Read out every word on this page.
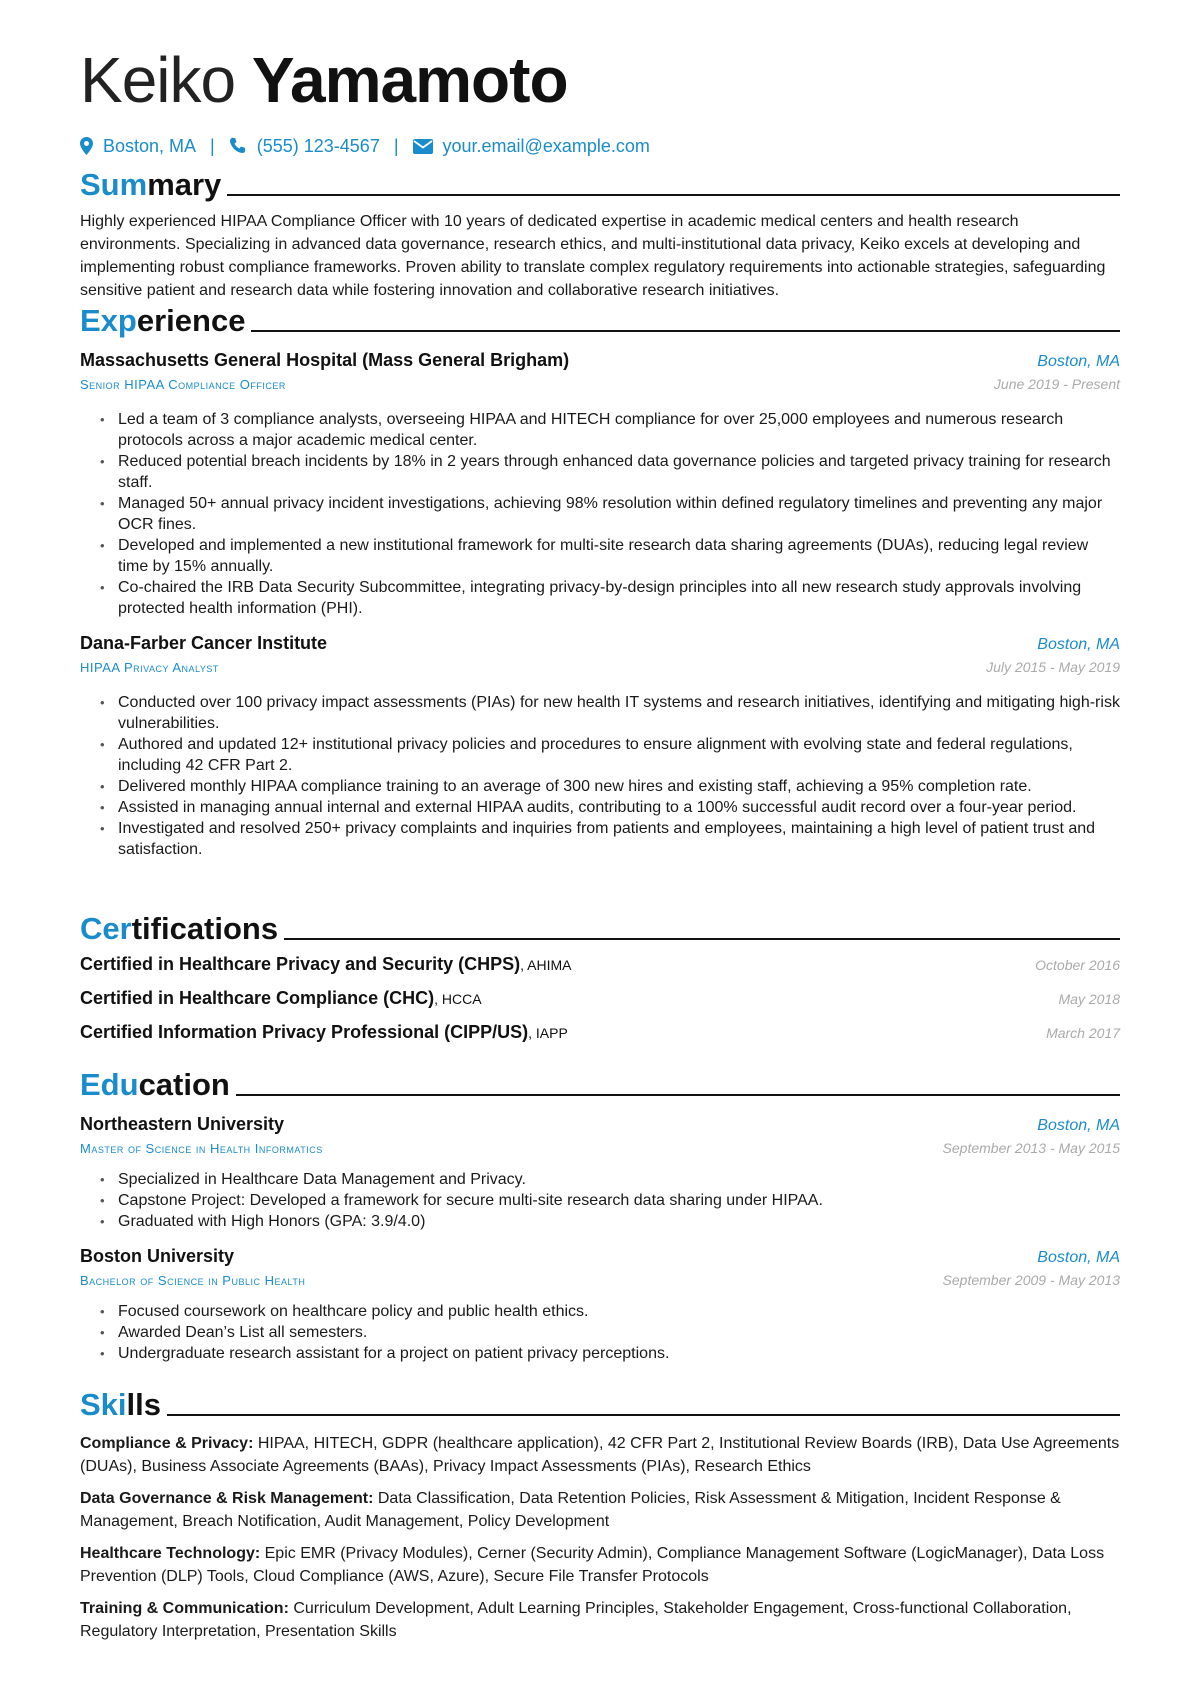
Keiko Yamamoto
Boston, MA | (555) 123-4567 | your.email@example.com
Summary
Highly experienced HIPAA Compliance Officer with 10 years of dedicated expertise in academic medical centers and health research environments. Specializing in advanced data governance, research ethics, and multi-institutional data privacy, Keiko excels at developing and implementing robust compliance frameworks. Proven ability to translate complex regulatory requirements into actionable strategies, safeguarding sensitive patient and research data while fostering innovation and collaborative research initiatives.
Experience
Massachusetts General Hospital (Mass General Brigham)	Boston, MA
Senior HIPAA Compliance Officer	June 2019 - Present
• Led a team of 3 compliance analysts, overseeing HIPAA and HITECH compliance for over 25,000 employees and numerous research protocols across a major academic medical center.
• Reduced potential breach incidents by 18% in 2 years through enhanced data governance policies and targeted privacy training for research staff.
• Managed 50+ annual privacy incident investigations, achieving 98% resolution within defined regulatory timelines and preventing any major OCR fines.
• Developed and implemented a new institutional framework for multi-site research data sharing agreements (DUAs), reducing legal review time by 15% annually.
• Co-chaired the IRB Data Security Subcommittee, integrating privacy-by-design principles into all new research study approvals involving protected health information (PHI).
Dana-Farber Cancer Institute	Boston, MA
HIPAA Privacy Analyst	July 2015 - May 2019
• Conducted over 100 privacy impact assessments (PIAs) for new health IT systems and research initiatives, identifying and mitigating high-risk vulnerabilities.
• Authored and updated 12+ institutional privacy policies and procedures to ensure alignment with evolving state and federal regulations, including 42 CFR Part 2.
• Delivered monthly HIPAA compliance training to an average of 300 new hires and existing staff, achieving a 95% completion rate.
• Assisted in managing annual internal and external HIPAA audits, contributing to a 100% successful audit record over a four-year period.
• Investigated and resolved 250+ privacy complaints and inquiries from patients and employees, maintaining a high level of patient trust and satisfaction.
Certifications
Certified in Healthcare Privacy and Security (CHPS), AHIMA	October 2016
Certified in Healthcare Compliance (CHC), HCCA	May 2018
Certified Information Privacy Professional (CIPP/US), IAPP	March 2017
Education
Northeastern University	Boston, MA
Master of Science in Health Informatics	September 2013 - May 2015
• Specialized in Healthcare Data Management and Privacy.
• Capstone Project: Developed a framework for secure multi-site research data sharing under HIPAA.
• Graduated with High Honors (GPA: 3.9/4.0)
Boston University	Boston, MA
Bachelor of Science in Public Health	September 2009 - May 2013
• Focused coursework on healthcare policy and public health ethics.
• Awarded Dean’s List all semesters.
• Undergraduate research assistant for a project on patient privacy perceptions.
Skills
Compliance & Privacy: HIPAA, HITECH, GDPR (healthcare application), 42 CFR Part 2, Institutional Review Boards (IRB), Data Use Agreements (DUAs), Business Associate Agreements (BAAs), Privacy Impact Assessments (PIAs), Research Ethics
Data Governance & Risk Management: Data Classification, Data Retention Policies, Risk Assessment & Mitigation, Incident Response & Management, Breach Notification, Audit Management, Policy Development
Healthcare Technology: Epic EMR (Privacy Modules), Cerner (Security Admin), Compliance Management Software (LogicManager), Data Loss Prevention (DLP) Tools, Cloud Compliance (AWS, Azure), Secure File Transfer Protocols
Training & Communication: Curriculum Development, Adult Learning Principles, Stakeholder Engagement, Cross-functional Collaboration, Regulatory Interpretation, Presentation Skills
